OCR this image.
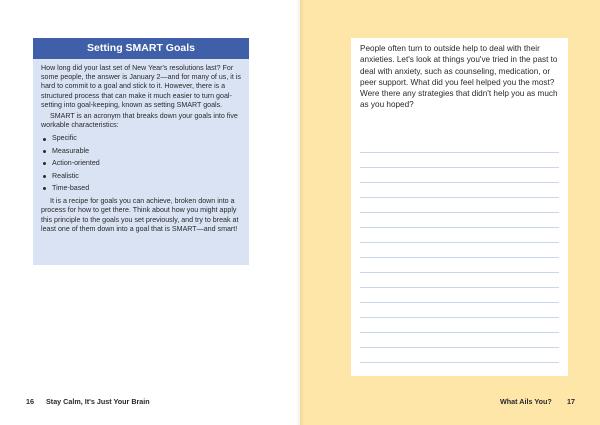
Setting SMART Goals

How long did your last set of New Year's resolutions last? For some people, the answer is January 2—and for many of us, it is hard to commit to a goal and stick to it. However, there is a structured process that can make it much easier to turn goal-setting into goal-keeping, known as setting SMART goals.

SMART is an acronym that breaks down your goals into five workable characteristics:

Specific
Measurable
Action-oriented
Realistic
Time-based

It is a recipe for goals you can achieve, broken down into a process for how to get there. Think about how you might apply this principle to the goals you set previously, and try to break at least one of them down into a goal that is SMART—and smart!

16 Stay Calm, It's Just Your Brain
People often turn to outside help to deal with their anxieties. Let's look at things you've tried in the past to deal with anxiety, such as counseling, medication, or peer support. What did you feel helped you the most? Were there any strategies that didn't help you as much as you hoped?
What Ails You? 17
